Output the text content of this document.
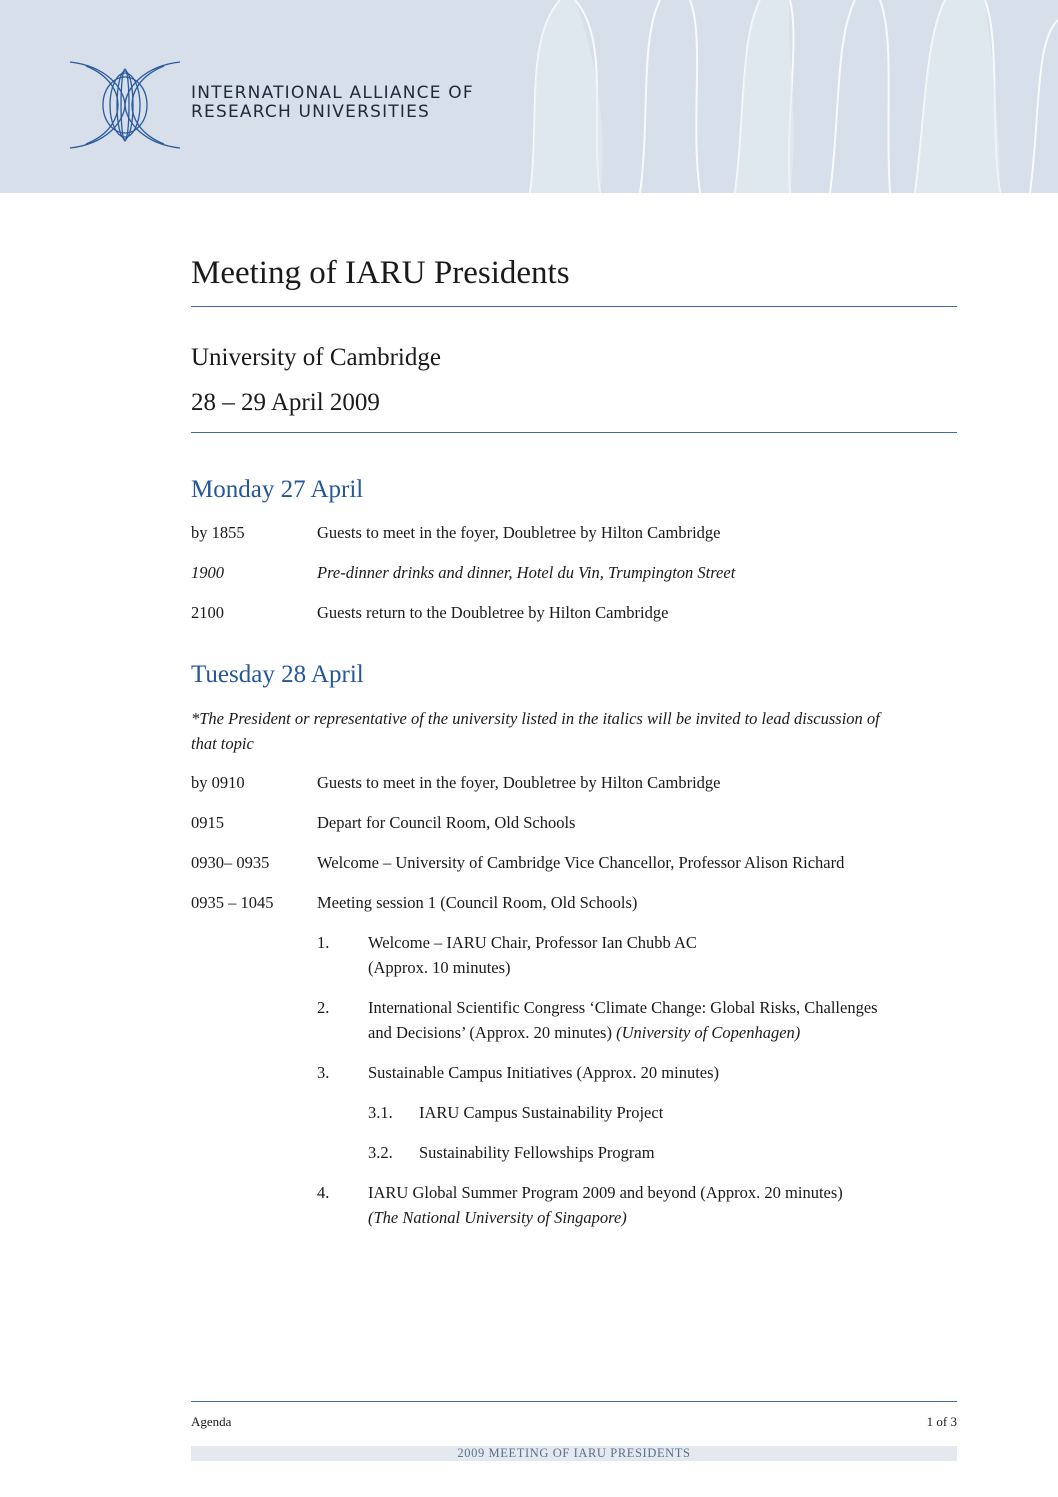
INTERNATIONAL ALLIANCE OF
RESEARCH UNIVERSITIES
Meeting of IARU Presidents
University of Cambridge
28 – 29 April 2009
Monday 27 April
by 1855	Guests to meet in the foyer, Doubletree by Hilton Cambridge
1900	Pre-dinner drinks and dinner, Hotel du Vin, Trumpington Street
2100	Guests return to the Doubletree by Hilton Cambridge
Tuesday 28 April
*The President or representative of the university listed in the italics will be invited to lead discussion of that topic
by 0910	Guests to meet in the foyer, Doubletree by Hilton Cambridge
0915	Depart for Council Room, Old Schools
0930– 0935	Welcome – University of Cambridge Vice Chancellor, Professor Alison Richard
0935 – 1045	Meeting session 1 (Council Room, Old Schools)
1. Welcome – IARU Chair, Professor Ian Chubb AC
(Approx. 10 minutes)
2. International Scientific Congress ‘Climate Change: Global Risks, Challenges
and Decisions’ (Approx. 20 minutes) (University of Copenhagen)
3. Sustainable Campus Initiatives (Approx. 20 minutes)
3.1. IARU Campus Sustainability Project
3.2. Sustainability Fellowships Program
4. IARU Global Summer Program 2009 and beyond (Approx. 20 minutes)
(The National University of Singapore)
Agenda	1 of 3
2009 MEETING OF IARU PRESIDENTS
